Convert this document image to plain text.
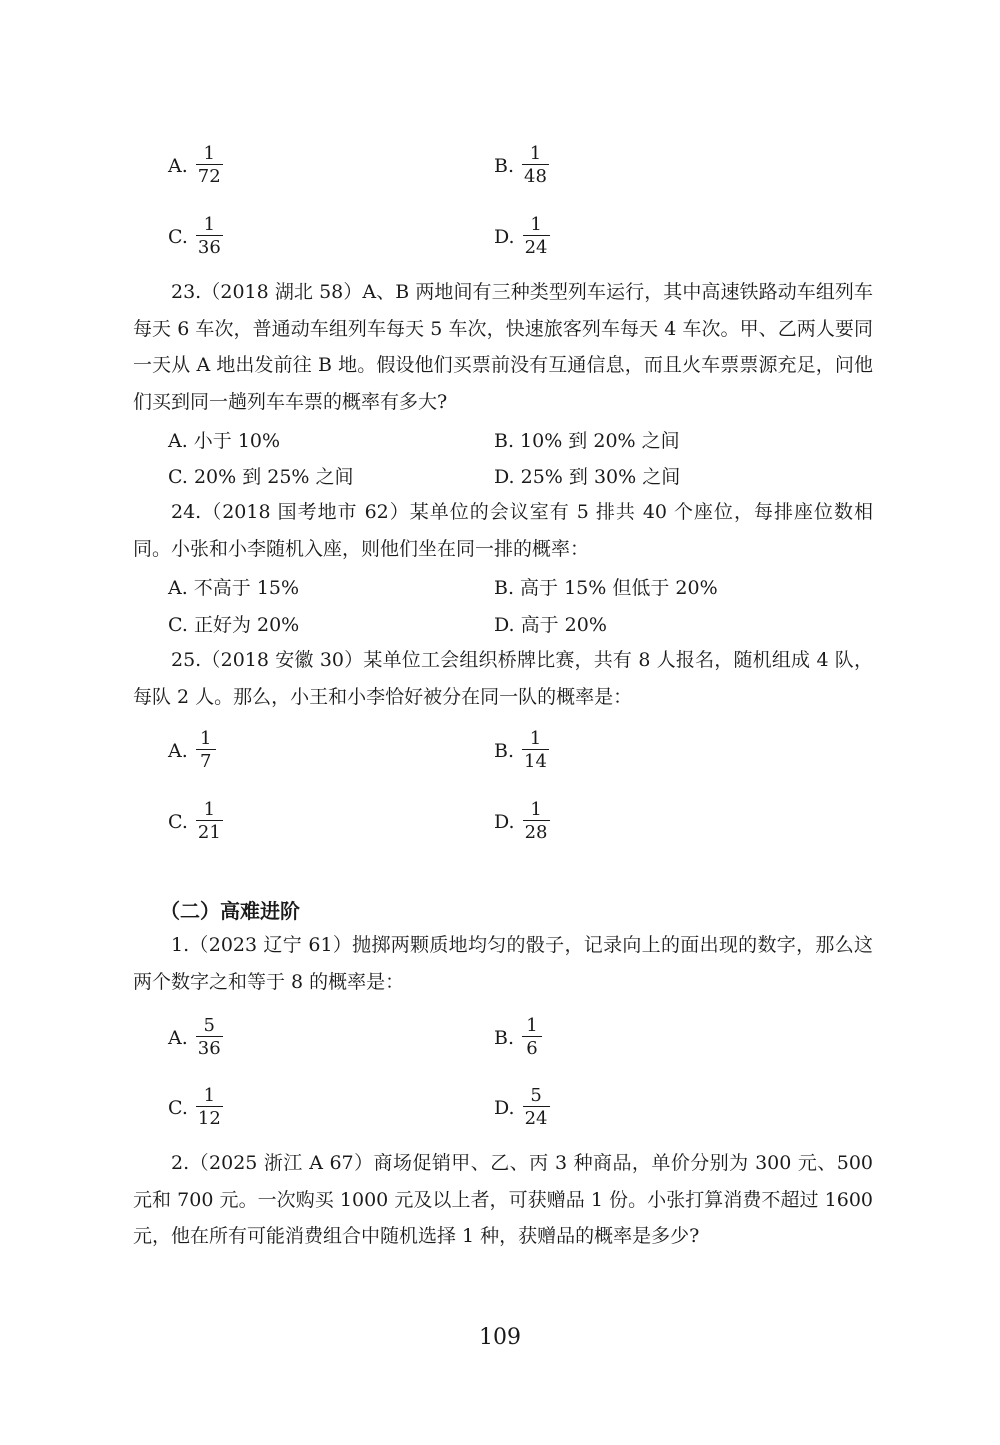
A. $\frac{1}{72}$	B. $\frac{1}{48}$
C. $\frac{1}{36}$	D. $\frac{1}{24}$
23.（2018 湖北 58）A、B 两地间有三种类型列车运行，其中高速铁路动车组列车每天 6 车次，普通动车组列车每天 5 车次，快速旅客列车每天 4 车次。甲、乙两人要同一天从 A 地出发前往 B 地。假设他们买票前没有互通信息，而且火车票票源充足，问他们买到同一趟列车车票的概率有多大?
A. 小于 10%	B. 10% 到 20% 之间
C. 20% 到 25% 之间	D. 25% 到 30% 之间
24.（2018 国考地市 62）某单位的会议室有 5 排共 40 个座位，每排座位数相同。小张和小李随机入座，则他们坐在同一排的概率：
A. 不高于 15%	B. 高于 15% 但低于 20%
C. 正好为 20%	D. 高于 20%
25.（2018 安徽 30）某单位工会组织桥牌比赛，共有 8 人报名，随机组成 4 队，每队 2 人。那么，小王和小李恰好被分在同一队的概率是：
A. $\frac{1}{7}$	B. $\frac{1}{14}$
C. $\frac{1}{21}$	D. $\frac{1}{28}$
（二）高难进阶
1.（2023 辽宁 61）抛掷两颗质地均匀的骰子，记录向上的面出现的数字，那么这两个数字之和等于 8 的概率是：
A. $\frac{5}{36}$	B. $\frac{1}{6}$
C. $\frac{1}{12}$	D. $\frac{5}{24}$
2.（2025 浙江 A 67）商场促销甲、乙、丙 3 种商品，单价分别为 300 元、500 元和 700 元。一次购买 1000 元及以上者，可获赠品 1 份。小张打算消费不超过 1600 元，他在所有可能消费组合中随机选择 1 种，获赠品的概率是多少?
109
